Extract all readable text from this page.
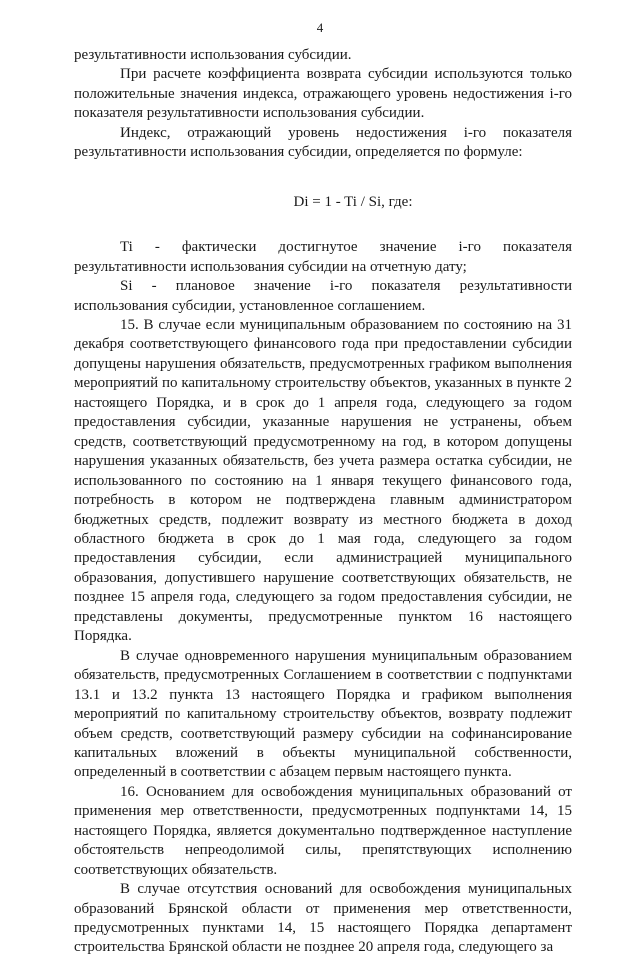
4

результативности использования субсидии.

При расчете коэффициента возврата субсидии используются только положительные значения индекса, отражающего уровень недостижения i-го показателя результативности использования субсидии.

Индекс, отражающий уровень недостижения i-го показателя результативности использования субсидии, определяется по формуле:

Di = 1 - Ti / Si, где:

Ti - фактически достигнутое значение i-го показателя результативности использования субсидии на отчетную дату;

Si - плановое значение i-го показателя результативности использования субсидии, установленное соглашением.

15. В случае если муниципальным образованием по состоянию на 31 декабря соответствующего финансового года при предоставлении субсидии допущены нарушения обязательств, предусмотренных графиком выполнения мероприятий по капитальному строительству объектов, указанных в пункте 2 настоящего Порядка, и в срок до 1 апреля года, следующего за годом предоставления субсидии, указанные нарушения не устранены, объем средств, соответствующий предусмотренному на год, в котором допущены нарушения указанных обязательств, без учета размера остатка субсидии, не использованного по состоянию на 1 января текущего финансового года, потребность в котором не подтверждена главным администратором бюджетных средств, подлежит возврату из местного бюджета в доход областного бюджета в срок до 1 мая года, следующего за годом предоставления субсидии, если администрацией муниципального образования, допустившего нарушение соответствующих обязательств, не позднее 15 апреля года, следующего за годом предоставления субсидии, не представлены документы, предусмотренные пунктом 16 настоящего Порядка.

В случае одновременного нарушения муниципальным образованием обязательств, предусмотренных Соглашением в соответствии с подпунктами 13.1 и 13.2 пункта 13 настоящего Порядка и графиком выполнения мероприятий по капитальному строительству объектов, возврату подлежит объем средств, соответствующий размеру субсидии на софинансирование капитальных вложений в объекты муниципальной собственности, определенный в соответствии с абзацем первым настоящего пункта.

16. Основанием для освобождения муниципальных образований от применения мер ответственности, предусмотренных подпунктами 14, 15 настоящего Порядка, является документально подтвержденное наступление обстоятельств непреодолимой силы, препятствующих исполнению соответствующих обязательств.

В случае отсутствия оснований для освобождения муниципальных образований Брянской области от применения мер ответственности, предусмотренных пунктами 14, 15 настоящего Порядка департамент строительства Брянской области не позднее 20 апреля года, следующего за
